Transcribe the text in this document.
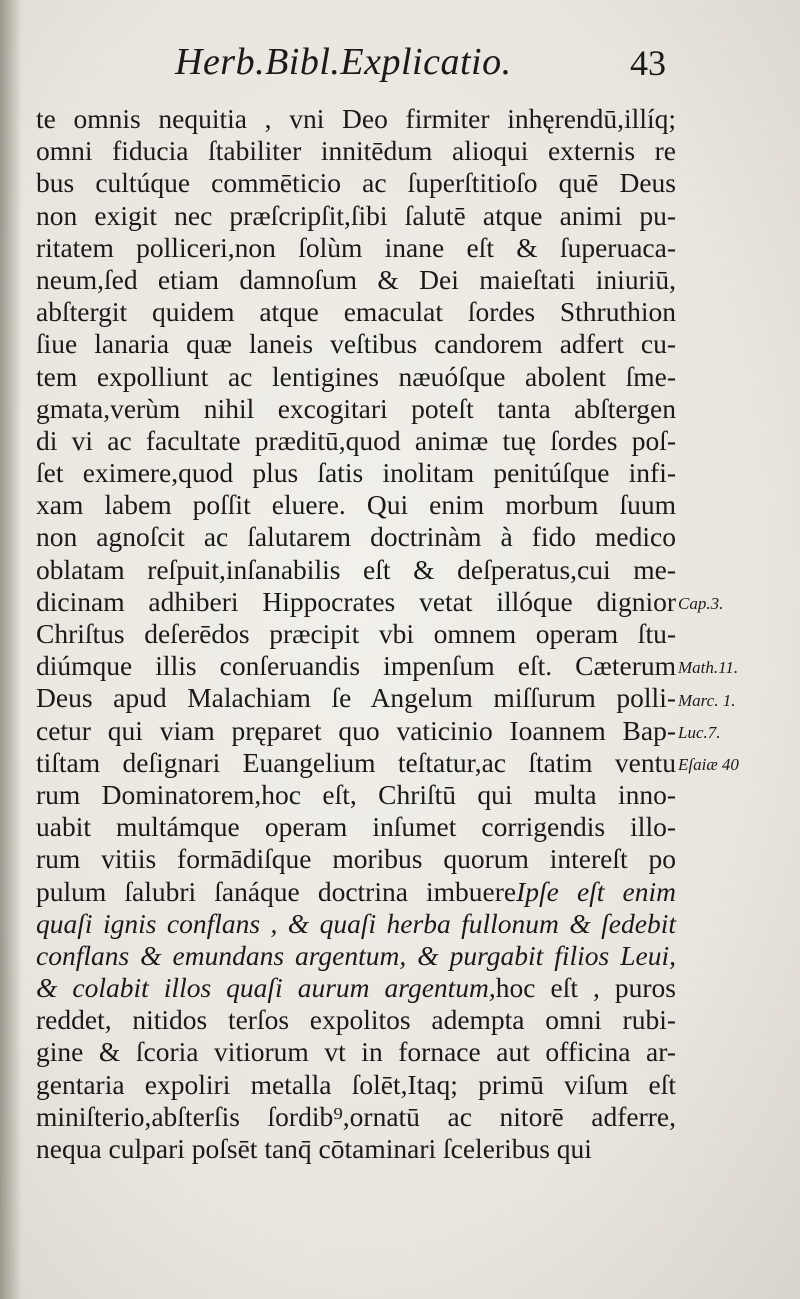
Herb.Bibl.Explicatio.	43
te omnis nequitia , vni Deo firmiter inhęrendū,illíq;
omni fiducia ſtabiliter innitēdum alioqui externis re
bus cultúque commēticio ac ſuperſtitioſo quē Deus
non exigit nec præſcripſit,ſibi ſalutē atque animi pu-
ritatem polliceri,non ſolùm inane eſt & ſuperuaca-
neum,ſed etiam damnoſum & Dei maieſtati iniuriū,
abſtergit quidem atque emaculat ſordes Sthruthion
ſiue lanaria quæ laneis veſtibus candorem adfert cu-
tem expolliunt ac lentigines næuóſque abolent ſme-
gmata,verùm nihil excogitari poteſt tanta abſtergen
di vi ac facultate præditū,quod animæ tuę ſordes poſ-
ſet eximere,quod plus ſatis inolitam penitúſque infi-
xam labem poſſit eluere. Qui enim morbum ſuum
non agnoſcit ac ſalutarem doctrinàm à fido medico
oblatam reſpuit,inſanabilis eſt & deſperatus,cui me-
dicinam adhiberi Hippocrates vetat illóque dignior
Chriſtus deſerēdos præcipit vbi omnem operam ſtu-
diúmque illis conſeruandis impenſum eſt. Cæterum
Deus apud Malachiam ſe Angelum miſſurum polli-
cetur qui viam pręparet quo vaticinio Ioannem Bap-
tiſtam deſignari Euangelium teſtatur,ac ſtatim ventu
rum Dominatorem,hoc eſt, Chriſtū qui multa inno-
uabit multámque operam inſumet corrigendis illo-
rum vitiis formādiſque moribus quorum intereſt po
pulum ſalubri ſanáque doctrina imbuereIpſe eſt enim
quaſi ignis conflans , & quaſi herba fullonum & ſedebit
conflans & emundans argentum, & purgabit filios Leui,
& colabit illos quaſi aurum argentum,hoc eſt , puros
reddet, nitidos terſos expolitos adempta omni rubi-
gine & ſcoria vitiorum vt in fornace aut officina ar-
gentaria expoliri metalla ſolēt,Itaq; primū viſum eſt
miniſterio,abſterſis ſordib⁹,ornatū ac nitorē adferre,
nequa culpari poſsēt tanq̄ cōtaminari ſceleribus qui
Cap.3.
Math.11.
Marc. 1.
Luc.7.
Eſaiæ 40
